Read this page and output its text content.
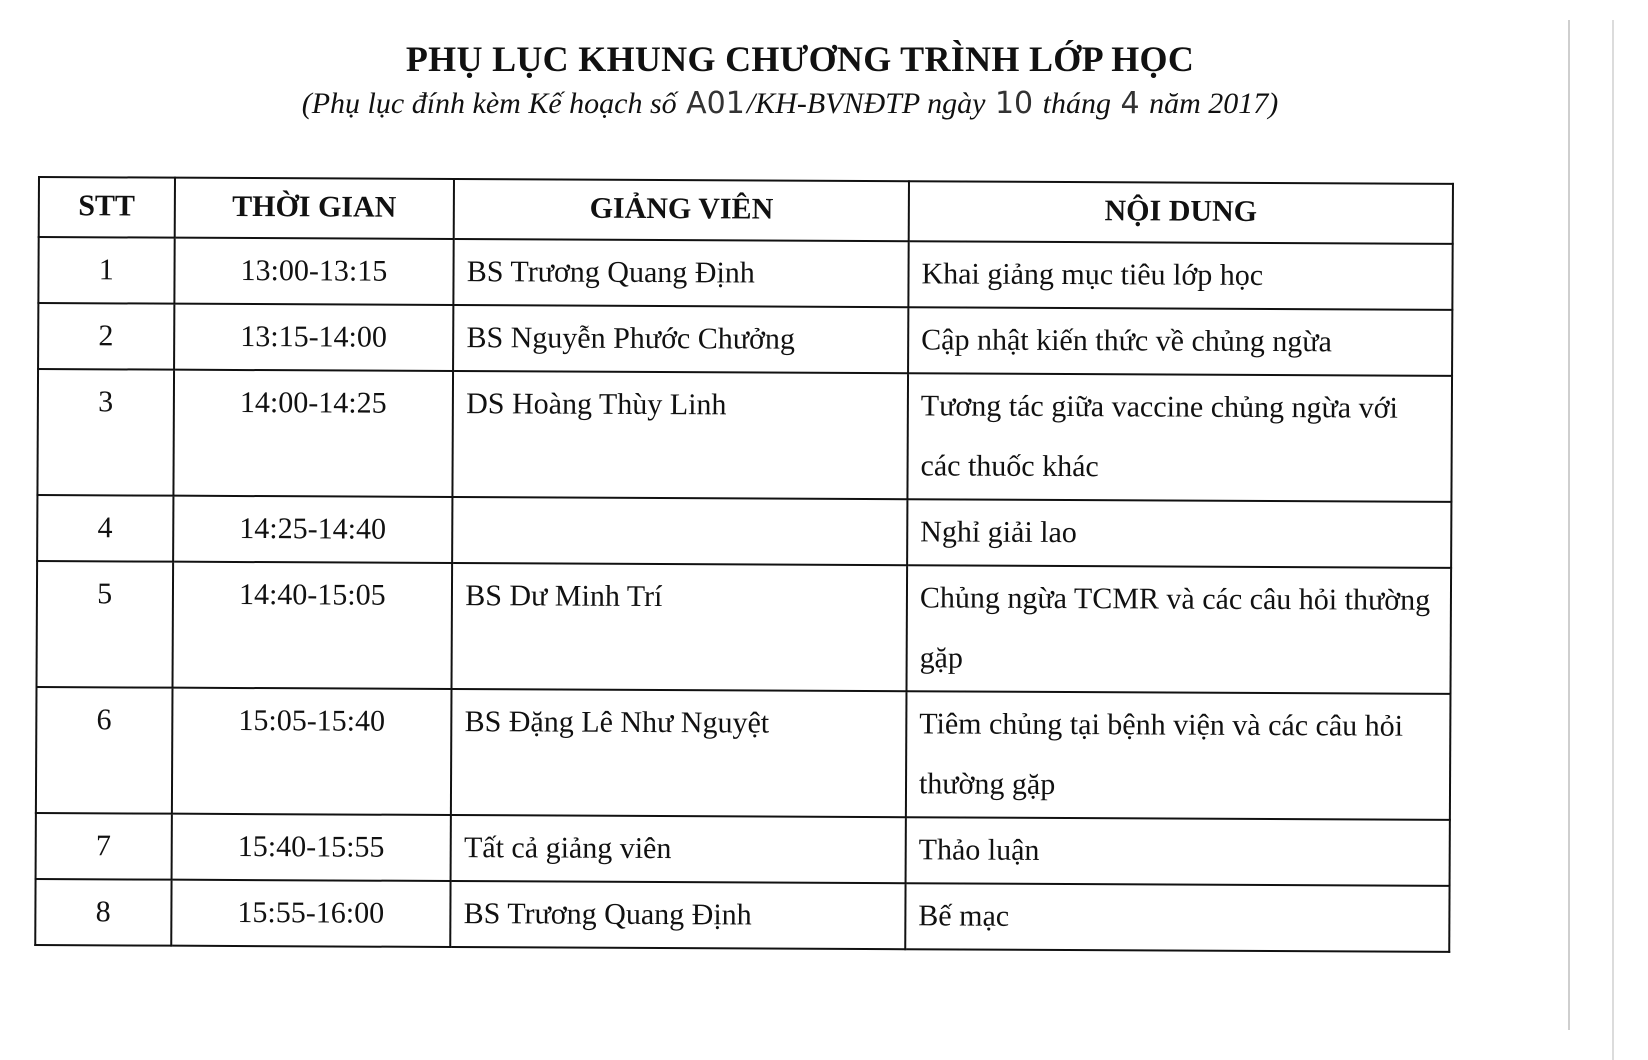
PHỤ LỤC KHUNG CHƯƠNG TRÌNH LỚP HỌC
(Phụ lục đính kèm Kế hoạch số A01/KH-BVNĐTP ngày 10 tháng 4 năm 2017)
STT	THỜI GIAN	GIẢNG VIÊN	NỘI DUNG
1	13:00-13:15	BS Trương Quang Định	Khai giảng mục tiêu lớp học
2	13:15-14:00	BS Nguyễn Phước Chưởng	Cập nhật kiến thức về chủng ngừa
3	14:00-14:25	DS Hoàng Thùy Linh	Tương tác giữa vaccine chủng ngừa với các thuốc khác
4	14:25-14:40		Nghỉ giải lao
5	14:40-15:05	BS Dư Minh Trí	Chủng ngừa TCMR và các câu hỏi thường gặp
6	15:05-15:40	BS Đặng Lê Như Nguyệt	Tiêm chủng tại bệnh viện và các câu hỏi thường gặp
7	15:40-15:55	Tất cả giảng viên	Thảo luận
8	15:55-16:00	BS Trương Quang Định	Bế mạc
